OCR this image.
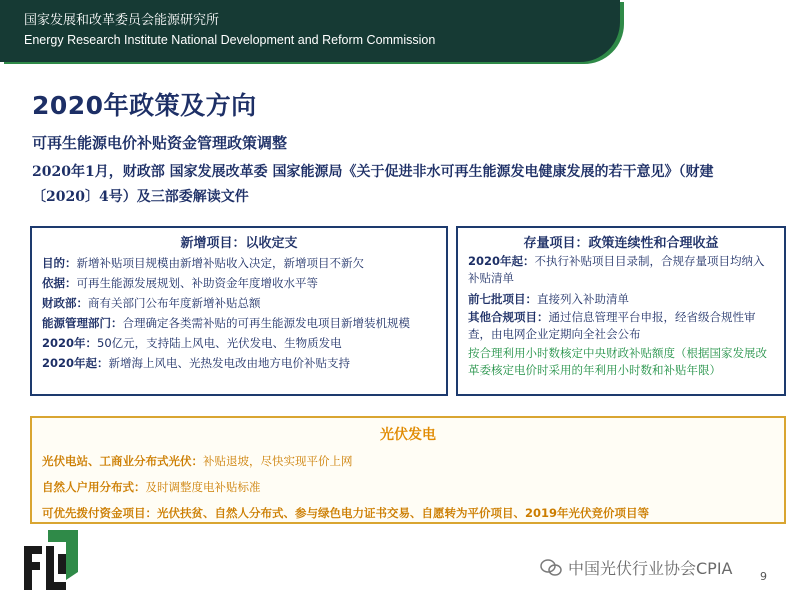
国家发展和改革委员会能源研究所
Energy Research Institute National Development and Reform Commission
2020年政策及方向
可再生能源电价补贴资金管理政策调整
2020年1月，财政部 国家发展改革委 国家能源局《关于促进非水可再生能源发电健康发展的若干意见》（财建〔2020〕4号）及三部委解读文件
新增项目：以收定支
目的：新增补贴项目规模由新增补贴收入决定，新增项目不新欠
依据：可再生能源发展规划、补助资金年度增收水平等
财政部：商有关部门公布年度新增补贴总额
能源管理部门：合理确定各类需补贴的可再生能源发电项目新增装机规模
2020年：50亿元，支持陆上风电、光伏发电、生物质发电
2020年起：新增海上风电、光热发电改由地方电价补贴支持
存量项目：政策连续性和合理收益
2020年起：不执行补贴项目目录制，合规存量项目均纳入补贴清单
前七批项目：直接列入补助清单
其他合规项目：通过信息管理平台申报，经省级合规性审查，由电网企业定期向全社会公布
按合理利用小时数核定中央财政补贴额度（根据国家发展改革委核定电价时采用的年利用小时数和补贴年限）
光伏发电
光伏电站、工商业分布式光伏：补贴退坡，尽快实现平价上网
自然人户用分布式：及时调整度电补贴标准
可优先拨付资金项目：光伏扶贫、自然人分布式、参与绿色电力证书交易、自愿转为平价项目、2019年光伏竞价项目等
中国光伏行业协会CPIA	9
